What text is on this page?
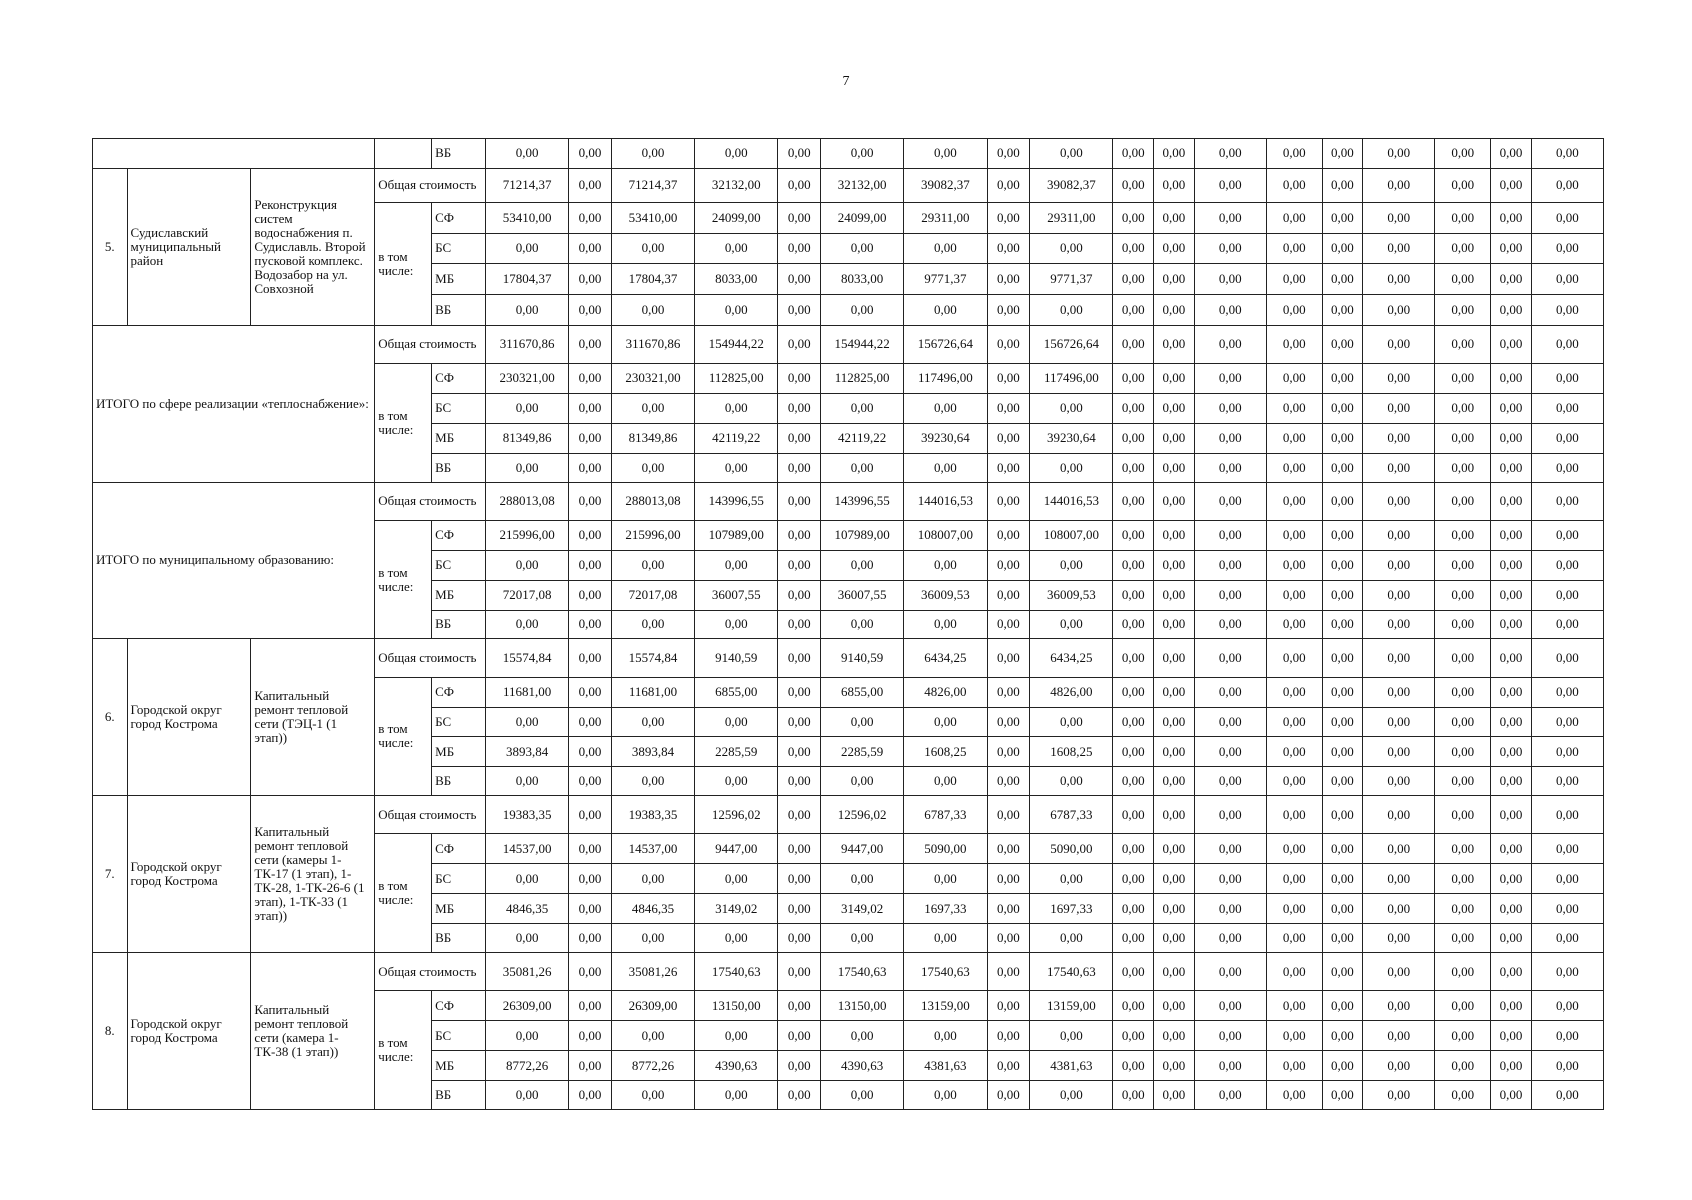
7
				ВБ	0,00	0,00	0,00	0,00	0,00	0,00	0,00	0,00	0,00	0,00	0,00	0,00	0,00	0,00	0,00	0,00	0,00	0,00
5.	Судиславский муниципальный район	Реконструкция систем водоснабжения п. Судиславль. Второй пусковой комплекс. Водозабор на ул. Совхозной	Общая стоимость		71214,37	0,00	71214,37	32132,00	0,00	32132,00	39082,37	0,00	39082,37	0,00	0,00	0,00	0,00	0,00	0,00	0,00	0,00	0,00
			в том числе:	СФ	53410,00	0,00	53410,00	24099,00	0,00	24099,00	29311,00	0,00	29311,00	0,00	0,00	0,00	0,00	0,00	0,00	0,00	0,00	0,00
				БС	0,00	0,00	0,00	0,00	0,00	0,00	0,00	0,00	0,00	0,00	0,00	0,00	0,00	0,00	0,00	0,00	0,00	0,00
				МБ	17804,37	0,00	17804,37	8033,00	0,00	8033,00	9771,37	0,00	9771,37	0,00	0,00	0,00	0,00	0,00	0,00	0,00	0,00	0,00
				ВБ	0,00	0,00	0,00	0,00	0,00	0,00	0,00	0,00	0,00	0,00	0,00	0,00	0,00	0,00	0,00	0,00	0,00	0,00
ИТОГО по сфере реализации «теплоснабжение»:			Общая стоимость		311670,86	0,00	311670,86	154944,22	0,00	154944,22	156726,64	0,00	156726,64	0,00	0,00	0,00	0,00	0,00	0,00	0,00	0,00	0,00
			в том числе:	СФ	230321,00	0,00	230321,00	112825,00	0,00	112825,00	117496,00	0,00	117496,00	0,00	0,00	0,00	0,00	0,00	0,00	0,00	0,00	0,00
				БС	0,00	0,00	0,00	0,00	0,00	0,00	0,00	0,00	0,00	0,00	0,00	0,00	0,00	0,00	0,00	0,00	0,00	0,00
				МБ	81349,86	0,00	81349,86	42119,22	0,00	42119,22	39230,64	0,00	39230,64	0,00	0,00	0,00	0,00	0,00	0,00	0,00	0,00	0,00
				ВБ	0,00	0,00	0,00	0,00	0,00	0,00	0,00	0,00	0,00	0,00	0,00	0,00	0,00	0,00	0,00	0,00	0,00	0,00
ИТОГО по муниципальному образованию:			Общая стоимость		288013,08	0,00	288013,08	143996,55	0,00	143996,55	144016,53	0,00	144016,53	0,00	0,00	0,00	0,00	0,00	0,00	0,00	0,00	0,00
			в том числе:	СФ	215996,00	0,00	215996,00	107989,00	0,00	107989,00	108007,00	0,00	108007,00	0,00	0,00	0,00	0,00	0,00	0,00	0,00	0,00	0,00
				БС	0,00	0,00	0,00	0,00	0,00	0,00	0,00	0,00	0,00	0,00	0,00	0,00	0,00	0,00	0,00	0,00	0,00	0,00
				МБ	72017,08	0,00	72017,08	36007,55	0,00	36007,55	36009,53	0,00	36009,53	0,00	0,00	0,00	0,00	0,00	0,00	0,00	0,00	0,00
				ВБ	0,00	0,00	0,00	0,00	0,00	0,00	0,00	0,00	0,00	0,00	0,00	0,00	0,00	0,00	0,00	0,00	0,00	0,00
6.	Городской округ город Кострома	Капитальный ремонт тепловой сети (ТЭЦ-1 (1 этап))	Общая стоимость		15574,84	0,00	15574,84	9140,59	0,00	9140,59	6434,25	0,00	6434,25	0,00	0,00	0,00	0,00	0,00	0,00	0,00	0,00	0,00
			в том числе:	СФ	11681,00	0,00	11681,00	6855,00	0,00	6855,00	4826,00	0,00	4826,00	0,00	0,00	0,00	0,00	0,00	0,00	0,00	0,00	0,00
				БС	0,00	0,00	0,00	0,00	0,00	0,00	0,00	0,00	0,00	0,00	0,00	0,00	0,00	0,00	0,00	0,00	0,00	0,00
				МБ	3893,84	0,00	3893,84	2285,59	0,00	2285,59	1608,25	0,00	1608,25	0,00	0,00	0,00	0,00	0,00	0,00	0,00	0,00	0,00
				ВБ	0,00	0,00	0,00	0,00	0,00	0,00	0,00	0,00	0,00	0,00	0,00	0,00	0,00	0,00	0,00	0,00	0,00	0,00
7.	Городской округ город Кострома	Капитальный ремонт тепловой сети (камеры 1-ТК-17 (1 этап), 1-ТК-28, 1-ТК-26-6 (1 этап), 1-ТК-33 (1 этап))	Общая стоимость		19383,35	0,00	19383,35	12596,02	0,00	12596,02	6787,33	0,00	6787,33	0,00	0,00	0,00	0,00	0,00	0,00	0,00	0,00	0,00
			в том числе:	СФ	14537,00	0,00	14537,00	9447,00	0,00	9447,00	5090,00	0,00	5090,00	0,00	0,00	0,00	0,00	0,00	0,00	0,00	0,00	0,00
				БС	0,00	0,00	0,00	0,00	0,00	0,00	0,00	0,00	0,00	0,00	0,00	0,00	0,00	0,00	0,00	0,00	0,00	0,00
				МБ	4846,35	0,00	4846,35	3149,02	0,00	3149,02	1697,33	0,00	1697,33	0,00	0,00	0,00	0,00	0,00	0,00	0,00	0,00	0,00
				ВБ	0,00	0,00	0,00	0,00	0,00	0,00	0,00	0,00	0,00	0,00	0,00	0,00	0,00	0,00	0,00	0,00	0,00	0,00
8.	Городской округ город Кострома	Капитальный ремонт тепловой сети (камера 1-ТК-38 (1 этап))	Общая стоимость		35081,26	0,00	35081,26	17540,63	0,00	17540,63	17540,63	0,00	17540,63	0,00	0,00	0,00	0,00	0,00	0,00	0,00	0,00	0,00
			в том числе:	СФ	26309,00	0,00	26309,00	13150,00	0,00	13150,00	13159,00	0,00	13159,00	0,00	0,00	0,00	0,00	0,00	0,00	0,00	0,00	0,00
				БС	0,00	0,00	0,00	0,00	0,00	0,00	0,00	0,00	0,00	0,00	0,00	0,00	0,00	0,00	0,00	0,00	0,00	0,00
				МБ	8772,26	0,00	8772,26	4390,63	0,00	4390,63	4381,63	0,00	4381,63	0,00	0,00	0,00	0,00	0,00	0,00	0,00	0,00	0,00
				ВБ	0,00	0,00	0,00	0,00	0,00	0,00	0,00	0,00	0,00	0,00	0,00	0,00	0,00	0,00	0,00	0,00	0,00	0,00
